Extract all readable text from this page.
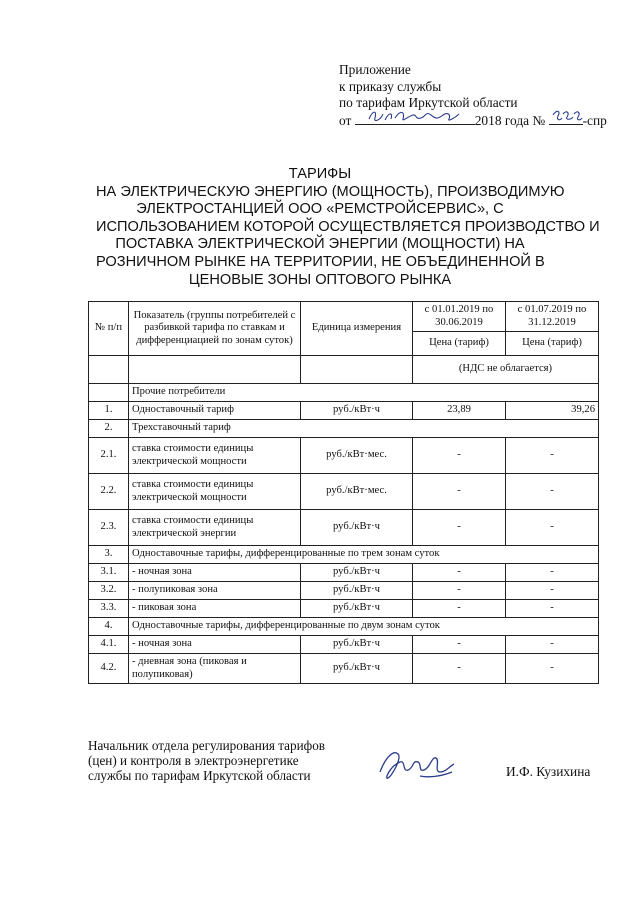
Приложение
к приказу службы
по тарифам Иркутской области
от	2018 года №	-спр
ТАРИФЫ
НА ЭЛЕКТРИЧЕСКУЮ ЭНЕРГИЮ (МОЩНОСТЬ), ПРОИЗВОДИМУЮ
ЭЛЕКТРОСТАНЦИЕЙ ООО «РЕМСТРОЙСЕРВИС», С
ИСПОЛЬЗОВАНИЕМ КОТОРОЙ ОСУЩЕСТВЛЯЕТСЯ ПРОИЗВОДСТВО И
ПОСТАВКА ЭЛЕКТРИЧЕСКОЙ ЭНЕРГИИ (МОЩНОСТИ) НА
РОЗНИЧНОМ РЫНКЕ НА ТЕРРИТОРИИ, НЕ ОБЪЕДИНЕННОЙ В
ЦЕНОВЫЕ ЗОНЫ ОПТОВОГО РЫНКА
№ п/п	Показатель (группы потребителей с разбивкой тарифа по ставкам и дифференциацией по зонам суток)	Единица измерения	с 01.01.2019 по 30.06.2019	с 01.07.2019 по 31.12.2019
			Цена (тариф)	Цена (тариф)
			(НДС не облагается)	
	Прочие потребители			
1.	Одноставочный тариф	руб./кВт·ч	23,89	39,26
2.	Трехставочный тариф			
2.1.	ставка стоимости единицы электрической мощности	руб./кВт·мес.	-	-
2.2.	ставка стоимости единицы электрической мощности	руб./кВт·мес.	-	-
2.3.	ставка стоимости единицы электрической энергии	руб./кВт·ч	-	-
3.	Одноставочные тарифы, дифференцированные по трем зонам суток			
3.1.	- ночная зона	руб./кВт·ч	-	-
3.2.	- полупиковая зона	руб./кВт·ч	-	-
3.3.	- пиковая зона	руб./кВт·ч	-	-
4.	Одноставочные тарифы, дифференцированные по двум зонам суток			
4.1.	- ночная зона	руб./кВт·ч	-	-
4.2.	- дневная зона (пиковая и полупиковая)	руб./кВт·ч	-	-
Начальник отдела регулирования тарифов
(цен) и контроля в электроэнергетике
службы по тарифам Иркутской области	И.Ф. Кузихина
